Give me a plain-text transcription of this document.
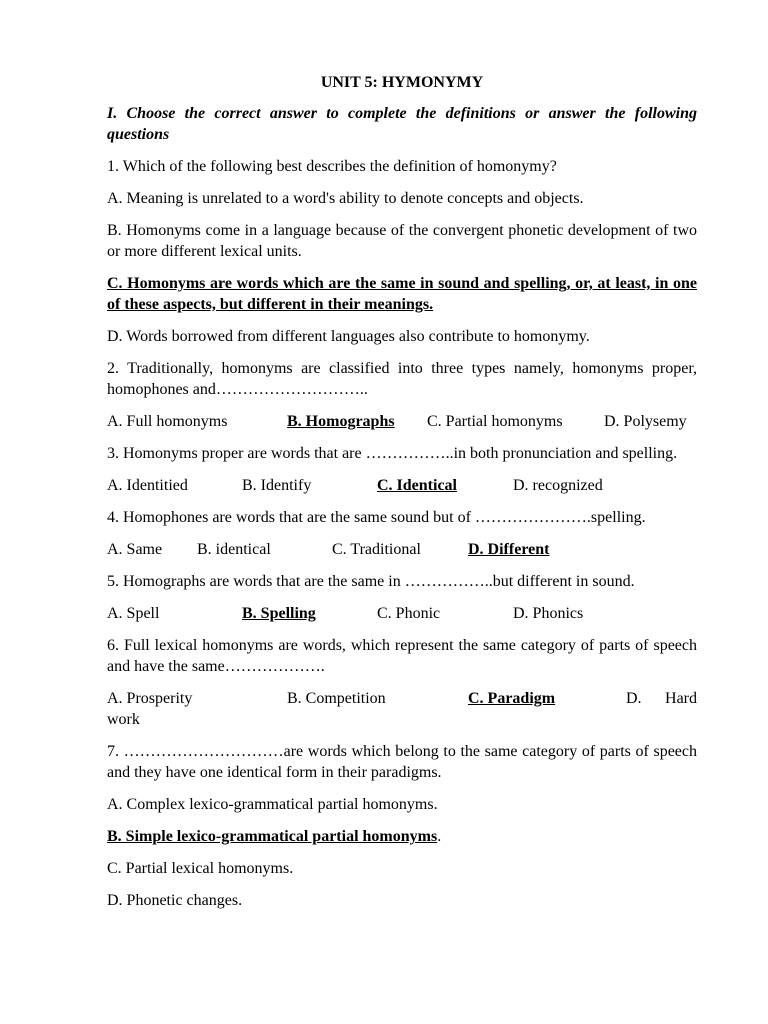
UNIT 5: HYMONYMY

I. Choose the correct answer to complete the definitions or answer the following questions

1. Which of the following best describes the definition of homonymy?

A. Meaning is unrelated to a word's ability to denote concepts and objects.

B. Homonyms come in a language because of the convergent phonetic development of two or more different lexical units.

C. Homonyms are words which are the same in sound and spelling, or, at least, in one of these aspects, but different in their meanings.

D. Words borrowed from different languages also contribute to homonymy.

2. Traditionally, homonyms are classified into three types namely, homonyms proper, homophones and………………………..

A. Full homonyms	B. Homographs C. Partial homonyms	D. Polysemy

3. Homonyms proper are words that are ……………..in both pronunciation and spelling.

A. Identitied	B. Identify	C. Identical	D. recognized

4. Homophones are words that are the same sound but of ………………….spelling.

A. Same B. identical	C. Traditional	D. Different

5. Homographs are words that are the same in ……………..but different in sound.

A. Spell	B. Spelling	C. Phonic	D. Phonics

6. Full lexical homonyms are words, which represent the same category of parts of speech and have the same……………….

A. Prosperity	B. Competition	C. Paradigm	D. Hard
work

7. …………………………are words which belong to the same category of parts of speech and they have one identical form in their paradigms.

A. Complex lexico-grammatical partial homonyms.

B. Simple lexico-grammatical partial homonyms.

C. Partial lexical homonyms.

D. Phonetic changes.
